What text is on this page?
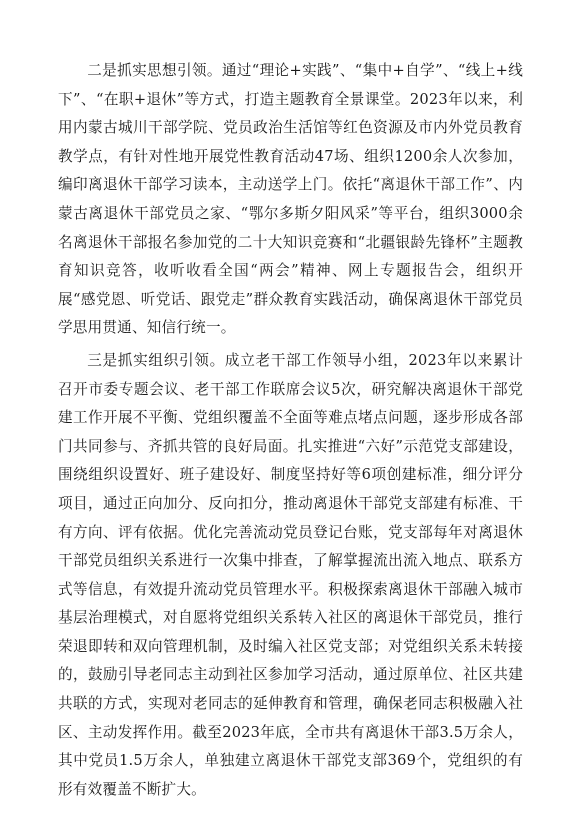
二是抓实思想引领。通过“理论+实践”、“集中+自学”、“线上+线下”、“在职+退休”等方式，打造主题教育全景课堂。2023年以来，利用内蒙古城川干部学院、党员政治生活馆等红色资源及市内外党员教育教学点，有针对性地开展党性教育活动47场、组织1200余人次参加，编印离退休干部学习读本，主动送学上门。依托“离退休干部工作”、内蒙古离退休干部党员之家、“鄂尔多斯夕阳风采”等平台，组织3000余名离退休干部报名参加党的二十大知识竞赛和“北疆银龄先锋杯”主题教育知识竞答，收听收看全国“两会”精神、网上专题报告会，组织开展“感党恩、听党话、跟党走”群众教育实践活动，确保离退休干部党员学思用贯通、知信行统一。

三是抓实组织引领。成立老干部工作领导小组，2023年以来累计召开市委专题会议、老干部工作联席会议5次，研究解决离退休干部党建工作开展不平衡、党组织覆盖不全面等难点堵点问题，逐步形成各部门共同参与、齐抓共管的良好局面。扎实推进“六好”示范党支部建设，围绕组织设置好、班子建设好、制度坚持好等6项创建标准，细分评分项目，通过正向加分、反向扣分，推动离退休干部党支部建有标准、干有方向、评有依据。优化完善流动党员登记台账，党支部每年对离退休干部党员组织关系进行一次集中排查，了解掌握流出流入地点、联系方式等信息，有效提升流动党员管理水平。积极探索离退休干部融入城市基层治理模式，对自愿将党组织关系转入社区的离退休干部党员，推行荣退即转和双向管理机制，及时编入社区党支部；对党组织关系未转接的，鼓励引导老同志主动到社区参加学习活动，通过原单位、社区共建共联的方式，实现对老同志的延伸教育和管理，确保老同志积极融入社区、主动发挥作用。截至2023年底，全市共有离退休干部3.5万余人，其中党员1.5万余人，单独建立离退休干部党支部369个，党组织的有形有效覆盖不断扩大。
